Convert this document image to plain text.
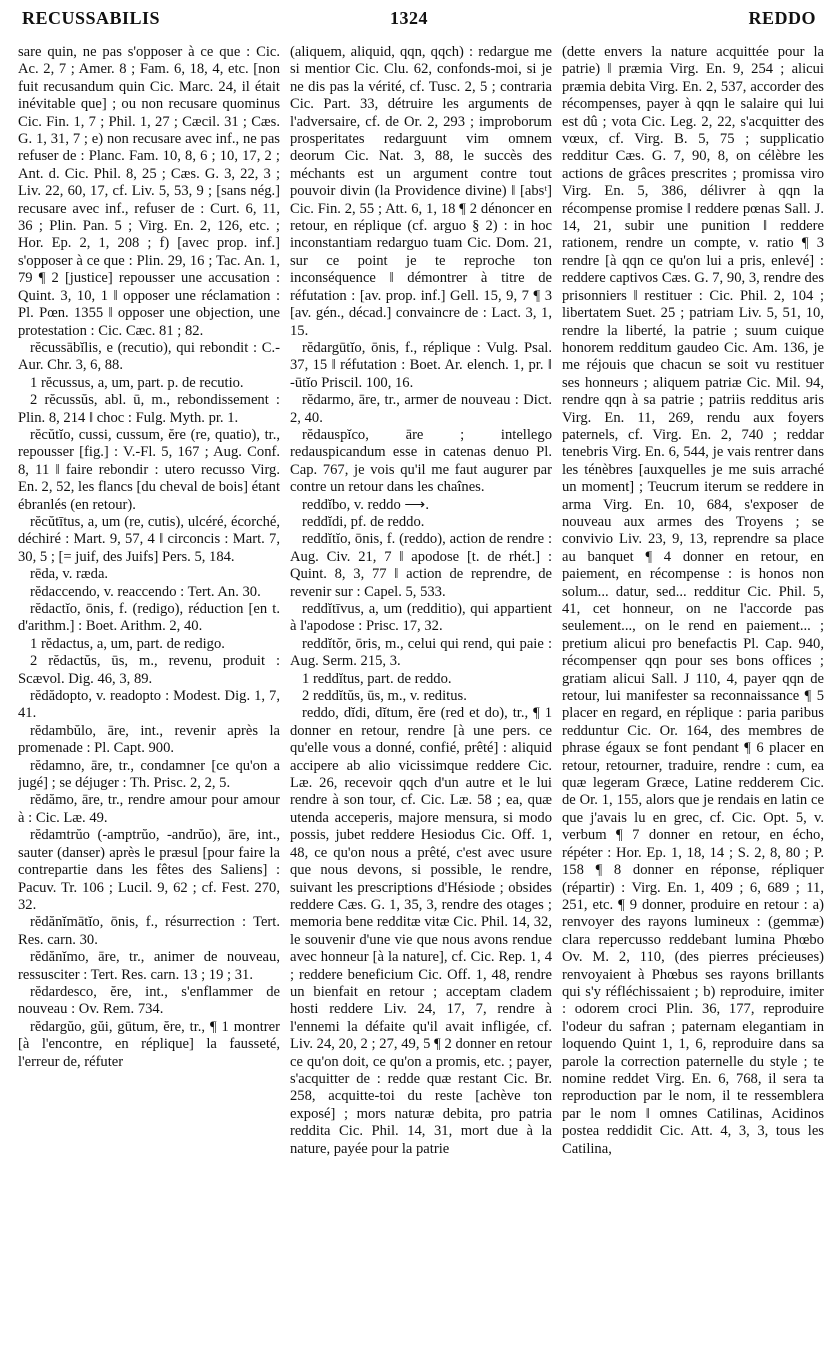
RECUSSABILIS	1324	REDDO

sare quin, ne pas s'opposer à ce que : Cic. Ac. 2, 7 ; Amer. 8 ; Fam. 6, 18, 4, etc. [non fuit recusandum quin Cic. Marc. 24, il était inévitable que] ; ou non recusare quominus Cic. Fin. 1, 7 ; Phil. 1, 27 ; Cæcil. 31 ; Cæs. G. 1, 31, 7 ; e) non recusare avec inf., ne pas refuser de : Planc. Fam. 10, 8, 6 ; 10, 17, 2 ; Ant. d. Cic. Phil. 8, 25 ; Cæs. G. 3, 22, 3 ; Liv. 22, 60, 17, cf. Liv. 5, 53, 9 ; [sans nég.] recusare avec inf., refuser de : Curt. 6, 11, 36 ; Plin. Pan. 5 ; Virg. En. 2, 126, etc. ; Hor. Ep. 2, 1, 208 ; f) [avec prop. inf.] s'opposer à ce que : Plin. 29, 16 ; Tac. An. 1, 79 ¶ 2 [justice] repousser une accusation : Quint. 3, 10, 1 ‖ opposer une réclamation : Pl. Pœn. 1355 ‖ opposer une objection, une protestation : Cic. Cæc. 81 ; 82.

rĕcussābĭlis, e (recutio), qui rebondit : C.-Aur. Chr. 3, 6, 88.

1 rĕcussus, a, um, part. p. de recutio.

2 rĕcussŭs, abl. ū, m., rebondissement : Plin. 8, 214 ‖ choc : Fulg. Myth. pr. 1.

rĕcŭtĭo, cussi, cussum, ĕre (re, quatio), tr., repousser [fig.] : V.-Fl. 5, 167 ; Aug. Conf. 8, 11 ‖ faire rebondir : utero recusso Virg. En. 2, 52, les flancs [du cheval de bois] étant ébranlés (en retour).

rĕcŭtītus, a, um (re, cutis), ulcéré, écorché, déchiré : Mart. 9, 57, 4 ‖ circoncis : Mart. 7, 30, 5 ; [= juif, des Juifs] Pers. 5, 184.

rēda, v. ræda.

rĕdaccendo, v. reaccendo : Tert. An. 30.

rĕdactĭo, ōnis, f. (redigo), réduction [en t. d'arithm.] : Boet. Arithm. 2, 40.

1 rĕdactus, a, um, part. de redigo.

2 rĕdactŭs, ūs, m., revenu, produit : Scævol. Dig. 46, 3, 89.

rĕdădopto, v. readopto : Modest. Dig. 1, 7, 41.

rĕdambŭlo, āre, int., revenir après la promenade : Pl. Capt. 900.

rĕdamno, āre, tr., condamner [ce qu'on a jugé] ; se déjuger : Th. Prisc. 2, 2, 5.

rĕdămo, āre, tr., rendre amour pour amour à : Cic. Læ. 49.

rĕdamtrŭo (-amptrŭo, -andrŭo), āre, int., sauter (danser) après le præsul [pour faire la contrepartie dans les fêtes des Saliens] : Pacuv. Tr. 106 ; Lucil. 9, 62 ; cf. Fest. 270, 32.

rĕdănĭmātĭo, ōnis, f., résurrection : Tert. Res. carn. 30.

rĕdănĭmo, āre, tr., animer de nouveau, ressusciter : Tert. Res. carn. 13 ; 19 ; 31.

rĕdardesco, ĕre, int., s'enflammer de nouveau : Ov. Rem. 734.

rĕdargŭo, gŭi, gūtum, ĕre, tr., ¶ 1 montrer [à l'encontre, en réplique] la fausseté, l'erreur de, réfuter

(aliquem, aliquid, qqn, qqch) : redargue me si mentior Cic. Clu. 62, confonds-moi, si je ne dis pas la vérité, cf. Tusc. 2, 5 ; contraria Cic. Part. 33, détruire les arguments de l'adversaire, cf. de Or. 2, 293 ; improborum prosperitates redarguunt vim omnem deorum Cic. Nat. 3, 88, le succès des méchants est un argument contre tout pouvoir divin (la Providence divine) ‖ [absᵗ] Cic. Fin. 2, 55 ; Att. 6, 1, 18 ¶ 2 dénoncer en retour, en réplique (cf. arguo § 2) : in hoc inconstantiam redarguo tuam Cic. Dom. 21, sur ce point je te reproche ton inconséquence ‖ démontrer à titre de réfutation : [av. prop. inf.] Gell. 15, 9, 7 ¶ 3 [av. gén., décad.] convaincre de : Lact. 3, 1, 15.

rĕdargūtĭo, ōnis, f., réplique : Vulg. Psal. 37, 15 ‖ réfutation : Boet. Ar. elench. 1, pr. ‖ -ūtĭo Priscil. 100, 16.

rĕdarmo, āre, tr., armer de nouveau : Dict. 2, 40.

rĕdauspĭco, āre ; intellego redauspicandum esse in catenas denuo Pl. Cap. 767, je vois qu'il me faut augurer par contre un retour dans les chaînes.

reddĭbo, v. reddo ⟶.

reddĭdi, pf. de reddo.

reddĭtĭo, ōnis, f. (reddo), action de rendre : Aug. Civ. 21, 7 ‖ apodose [t. de rhét.] : Quint. 8, 3, 77 ‖ action de reprendre, de revenir sur : Capel. 5, 533.

reddĭtīvus, a, um (redditio), qui appartient à l'apodose : Prisc. 17, 32.

reddĭtŏr, ōris, m., celui qui rend, qui paie : Aug. Serm. 215, 3.

1 reddĭtus, part. de reddo.

2 reddĭtŭs, ūs, m., v. reditus.

reddo, dĭdi, dĭtum, ĕre (red et do), tr., ¶ 1 donner en retour, rendre [à une pers. ce qu'elle vous a donné, confié, prêté] : aliquid accipere ab alio vicissimque reddere Cic. Læ. 26, recevoir qqch d'un autre et le lui rendre à son tour, cf. Cic. Læ. 58 ; ea, quæ utenda acceperis, majore mensura, si modo possis, jubet reddere Hesiodus Cic. Off. 1, 48, ce qu'on nous a prêté, c'est avec usure que nous devons, si possible, le rendre, suivant les prescriptions d'Hésiode ; obsides reddere Cæs. G. 1, 35, 3, rendre des otages ; memoria bene redditæ vitæ Cic. Phil. 14, 32, le souvenir d'une vie que nous avons rendue avec honneur [à la nature], cf. Cic. Rep. 1, 4 ; reddere beneficium Cic. Off. 1, 48, rendre un bienfait en retour ; acceptam cladem hosti reddere Liv. 24, 17, 7, rendre à l'ennemi la défaite qu'il avait infligée, cf. Liv. 24, 20, 2 ; 27, 49, 5 ¶ 2 donner en retour ce qu'on doit, ce qu'on a promis, etc. ; payer, s'acquitter de : redde quæ restant Cic. Br. 258, acquitte-toi du reste [achève ton exposé] ; mors naturæ debita, pro patria reddita Cic. Phil. 14, 31, mort due à la nature, payée pour la patrie

(dette envers la nature acquittée pour la patrie) ‖ præmia Virg. En. 9, 254 ; alicui præmia debita Virg. En. 2, 537, accorder des récompenses, payer à qqn le salaire qui lui est dû ; vota Cic. Leg. 2, 22, s'acquitter des vœux, cf. Virg. B. 5, 75 ; supplicatio redditur Cæs. G. 7, 90, 8, on célèbre les actions de grâces prescrites ; promissa viro Virg. En. 5, 386, délivrer à qqn la récompense promise ‖ reddere pœnas Sall. J. 14, 21, subir une punition ‖ reddere rationem, rendre un compte, v. ratio ¶ 3 rendre [à qqn ce qu'on lui a pris, enlevé] : reddere captivos Cæs. G. 7, 90, 3, rendre des prisonniers ‖ restituer : Cic. Phil. 2, 104 ; libertatem Suet. 25 ; patriam Liv. 5, 51, 10, rendre la liberté, la patrie ; suum cuique honorem redditum gaudeo Cic. Am. 136, je me réjouis que chacun se soit vu restituer ses honneurs ; aliquem patriæ Cic. Mil. 94, rendre qqn à sa patrie ; patriis redditus aris Virg. En. 11, 269, rendu aux foyers paternels, cf. Virg. En. 2, 740 ; reddar tenebris Virg. En. 6, 544, je vais rentrer dans les ténèbres [auxquelles je me suis arraché un moment] ; Teucrum iterum se reddere in arma Virg. En. 10, 684, s'exposer de nouveau aux armes des Troyens ; se convivio Liv. 23, 9, 13, reprendre sa place au banquet ¶ 4 donner en retour, en paiement, en récompense : is honos non solum... datur, sed... redditur Cic. Phil. 5, 41, cet honneur, on ne l'accorde pas seulement..., on le rend en paiement... ; pretium alicui pro benefactis Pl. Cap. 940, récompenser qqn pour ses bons offices ; gratiam alicui Sall. J 110, 4, payer qqn de retour, lui manifester sa reconnaissance ¶ 5 placer en regard, en réplique : paria paribus redduntur Cic. Or. 164, des membres de phrase égaux se font pendant ¶ 6 placer en retour, retourner, traduire, rendre : cum, ea quæ legeram Græce, Latine redderem Cic. de Or. 1, 155, alors que je rendais en latin ce que j'avais lu en grec, cf. Cic. Opt. 5, v. verbum ¶ 7 donner en retour, en écho, répéter : Hor. Ep. 1, 18, 14 ; S. 2, 8, 80 ; P. 158 ¶ 8 donner en réponse, répliquer (répartir) : Virg. En. 1, 409 ; 6, 689 ; 11, 251, etc. ¶ 9 donner, produire en retour : a) renvoyer des rayons lumineux : (gemmæ) clara repercusso reddebant lumina Phœbo Ov. M. 2, 110, (des pierres précieuses) renvoyaient à Phœbus ses rayons brillants qui s'y réfléchissaient ; b) reproduire, imiter : odorem croci Plin. 36, 177, reproduire l'odeur du safran ; paternam elegantiam in loquendo Quint 1, 1, 6, reproduire dans sa parole la correction paternelle du style ; te nomine reddet Virg. En. 6, 768, il sera ta reproduction par le nom, il te ressemblera par le nom ‖ omnes Catilinas, Acidinos postea reddidit Cic. Att. 4, 3, 3, tous les Catilina,
